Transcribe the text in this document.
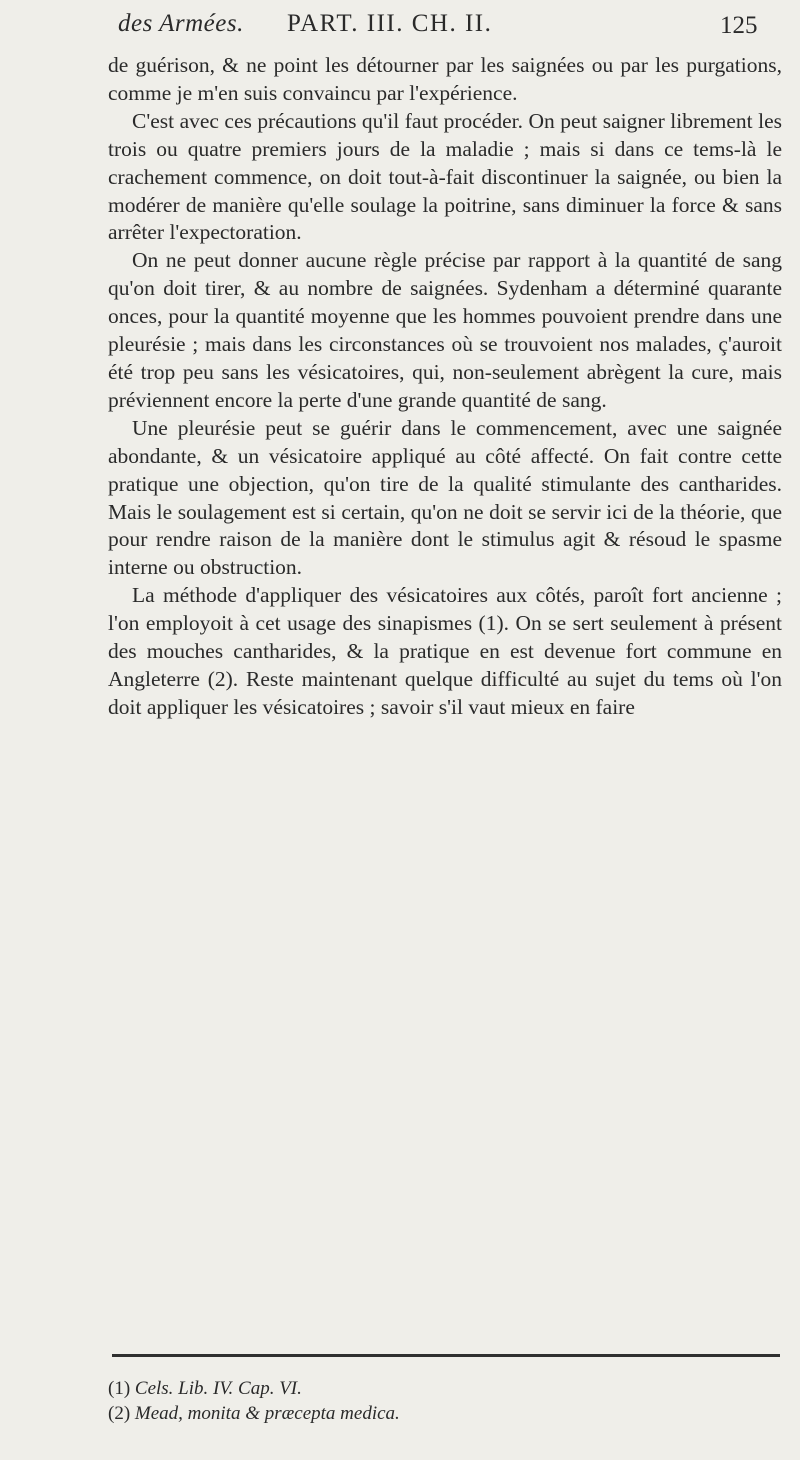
des Armées. PART. III. CH. II.	125

de guérison, & ne point les détourner par les saignées ou par les purgations, comme je m'en suis convaincu par l'expérience.

C'est avec ces précautions qu'il faut procéder. On peut saigner librement les trois ou quatre premiers jours de la maladie ; mais si dans ce tems-là le crachement commence, on doit tout-à-fait discontinuer la saignée, ou bien la modérer de manière qu'elle soulage la poitrine, sans diminuer la force & sans arrêter l'expectoration.

On ne peut donner aucune règle précise par rapport à la quantité de sang qu'on doit tirer, & au nombre de saignées. Sydenham a déterminé quarante onces, pour la quantité moyenne que les hommes pouvoient prendre dans une pleurésie ; mais dans les circonstances où se trouvoient nos malades, ç'auroit été trop peu sans les vésicatoires, qui, non-seulement abrègent la cure, mais préviennent encore la perte d'une grande quantité de sang.

Une pleurésie peut se guérir dans le commencement, avec une saignée abondante, & un vésicatoire appliqué au côté affecté. On fait contre cette pratique une objection, qu'on tire de la qualité stimulante des cantharides. Mais le soulagement est si certain, qu'on ne doit se servir ici de la théorie, que pour rendre raison de la manière dont le stimulus agit & résoud le spasme interne ou obstruction.

La méthode d'appliquer des vésicatoires aux côtés, paroît fort ancienne ; l'on employoit à cet usage des sinapismes (1). On se sert seulement à présent des mouches cantharides, & la pratique en est devenue fort commune en Angleterre (2). Reste maintenant quelque difficulté au sujet du tems où l'on doit appliquer les vésicatoires ; savoir s'il vaut mieux en faire

(1) Cels. Lib. IV. Cap. VI.
(2) Mead, monita & præcepta medica.
